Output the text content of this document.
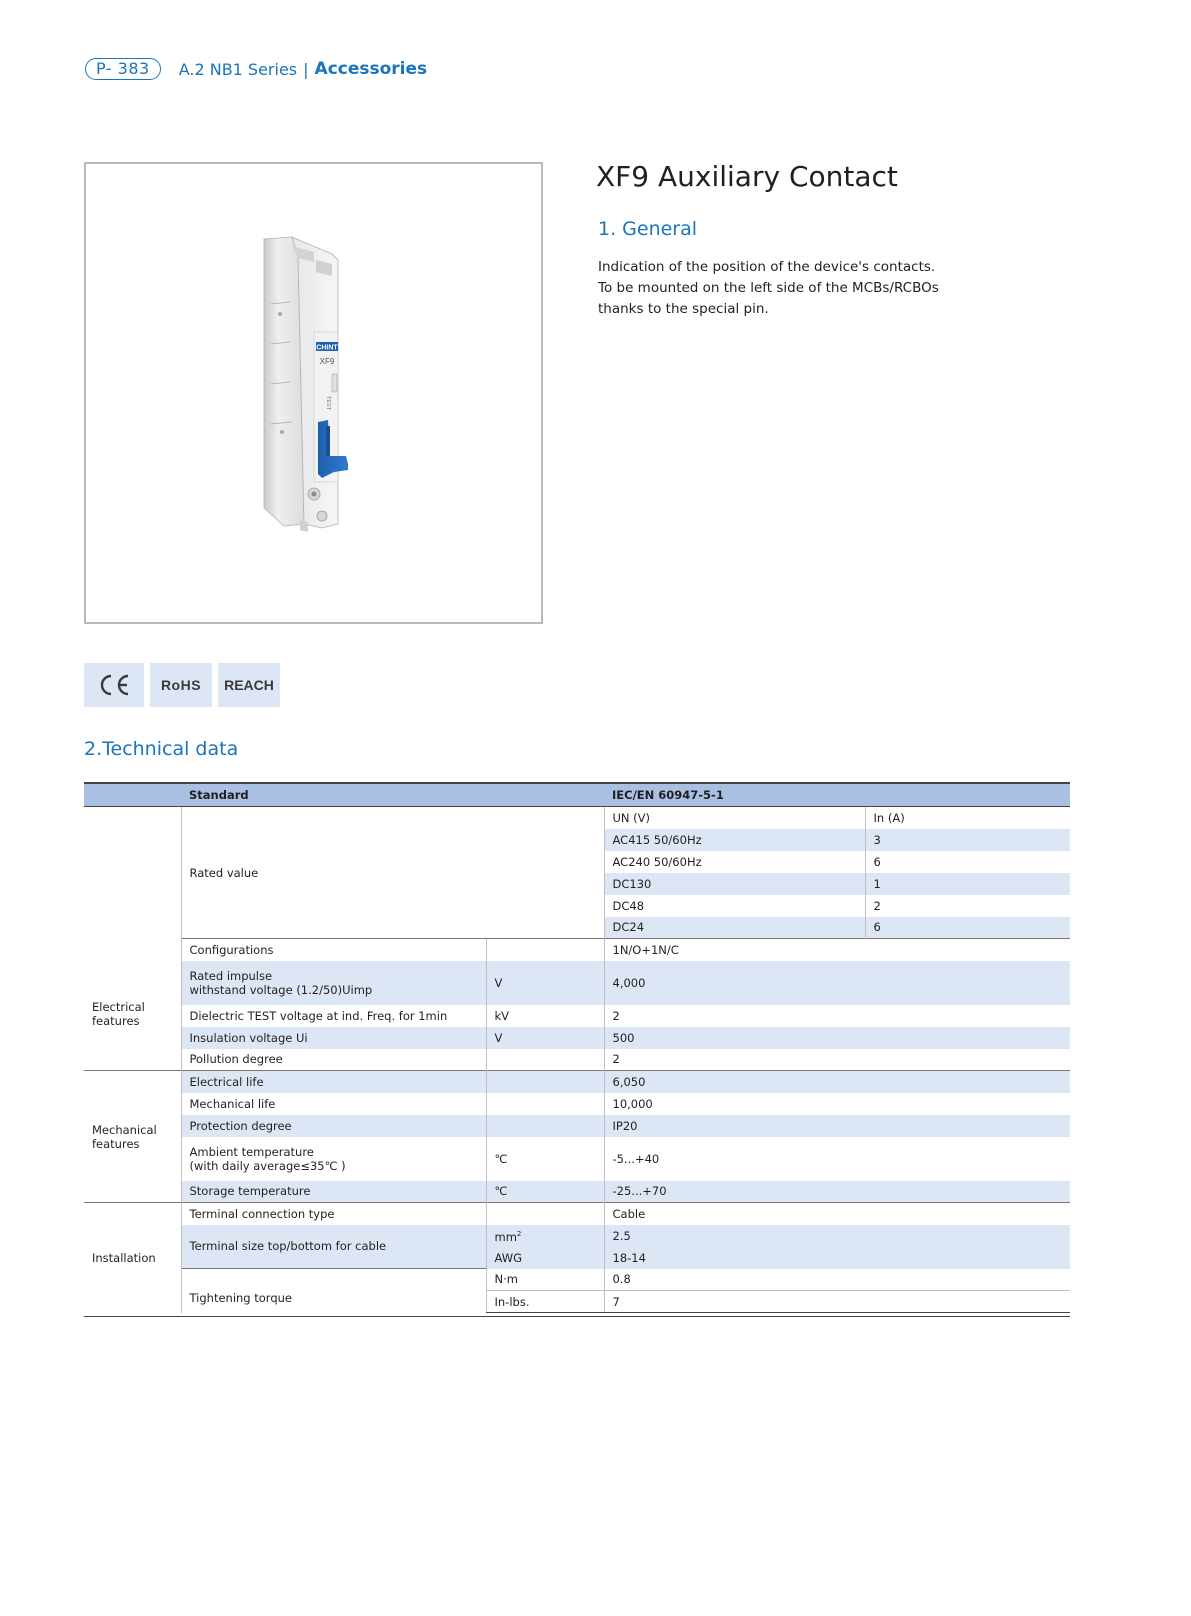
P- 383	A.2 NB1 Series | Accessories
CHINT
XF9
TEST
XF9 Auxiliary Contact
1. General
Indication of the position of the device's contacts.
To be mounted on the left side of the MCBs/RCBOs
thanks to the special pin.
RoHS	REACH
2.Technical data
	Standard		IEC/EN 60947-5-1	
Electrical
features	Rated value		UN (V)	In (A)
			AC415 50/60Hz	3
			AC240 50/60Hz	6
			DC130	1
			DC48	2
			DC24	6
	Configurations		1N/O+1N/C	
	Rated impulse
withstand voltage (1.2/50)Uimp	V	4,000	
	Dielectric TEST voltage at ind. Freq. for 1min	kV	2	
	Insulation voltage Ui	V	500	
	Pollution degree		2	
Mechanical
features	Electrical life		6,050	
	Mechanical life		10,000	
	Protection degree		IP20	
	Ambient temperature
(with daily average≤35℃ )	℃	-5...+40	
	Storage temperature	℃	-25...+70	
Installation	Terminal connection type		Cable	
	Terminal size top/bottom for cable	$mm^2$	2.5	
		AWG	18-14	
	Tightening torque	N·m	0.8	
		In-lbs.	7	
